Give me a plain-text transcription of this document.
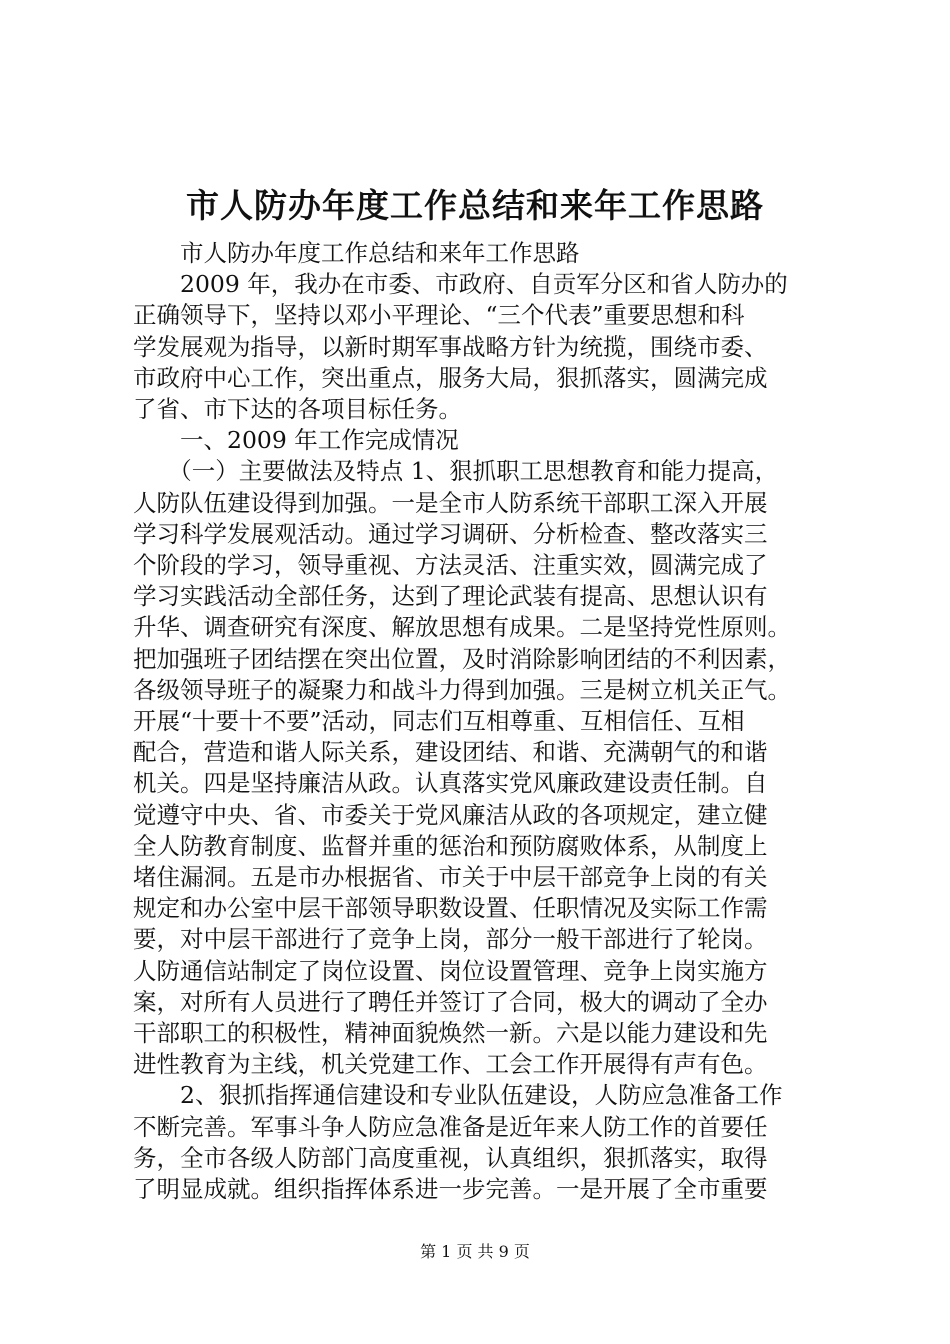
市人防办年度工作总结和来年工作思路
　　市人防办年度工作总结和来年工作思路
　　2009 年，我办在市委、市政府、自贡军分区和省人防办的
正确领导下，坚持以邓小平理论、“三个代表”重要思想和科
学发展观为指导，以新时期军事战略方针为统揽，围绕市委、
市政府中心工作，突出重点，服务大局，狠抓落实，圆满完成
了省、市下达的各项目标任务。
　　一、2009 年工作完成情况
　　（一）主要做法及特点 1、狠抓职工思想教育和能力提高，
人防队伍建设得到加强。一是全市人防系统干部职工深入开展
学习科学发展观活动。通过学习调研、分析检查、整改落实三
个阶段的学习，领导重视、方法灵活、注重实效，圆满完成了
学习实践活动全部任务，达到了理论武装有提高、思想认识有
升华、调查研究有深度、解放思想有成果。二是坚持党性原则。
把加强班子团结摆在突出位置，及时消除影响团结的不利因素，
各级领导班子的凝聚力和战斗力得到加强。三是树立机关正气。
开展“十要十不要”活动，同志们互相尊重、互相信任、互相
配合，营造和谐人际关系，建设团结、和谐、充满朝气的和谐
机关。四是坚持廉洁从政。认真落实党风廉政建设责任制。自
觉遵守中央、省、市委关于党风廉洁从政的各项规定，建立健
全人防教育制度、监督并重的惩治和预防腐败体系，从制度上
堵住漏洞。五是市办根据省、市关于中层干部竞争上岗的有关
规定和办公室中层干部领导职数设置、任职情况及实际工作需
要，对中层干部进行了竞争上岗，部分一般干部进行了轮岗。
人防通信站制定了岗位设置、岗位设置管理、竞争上岗实施方
案，对所有人员进行了聘任并签订了合同，极大的调动了全办
干部职工的积极性，精神面貌焕然一新。六是以能力建设和先
进性教育为主线，机关党建工作、工会工作开展得有声有色。
　　2、狠抓指挥通信建设和专业队伍建设，人防应急准备工作
不断完善。军事斗争人防应急准备是近年来人防工作的首要任
务，全市各级人防部门高度重视，认真组织，狠抓落实，取得
了明显成就。组织指挥体系进一步完善。一是开展了全市重要
第 1 页 共 9 页
